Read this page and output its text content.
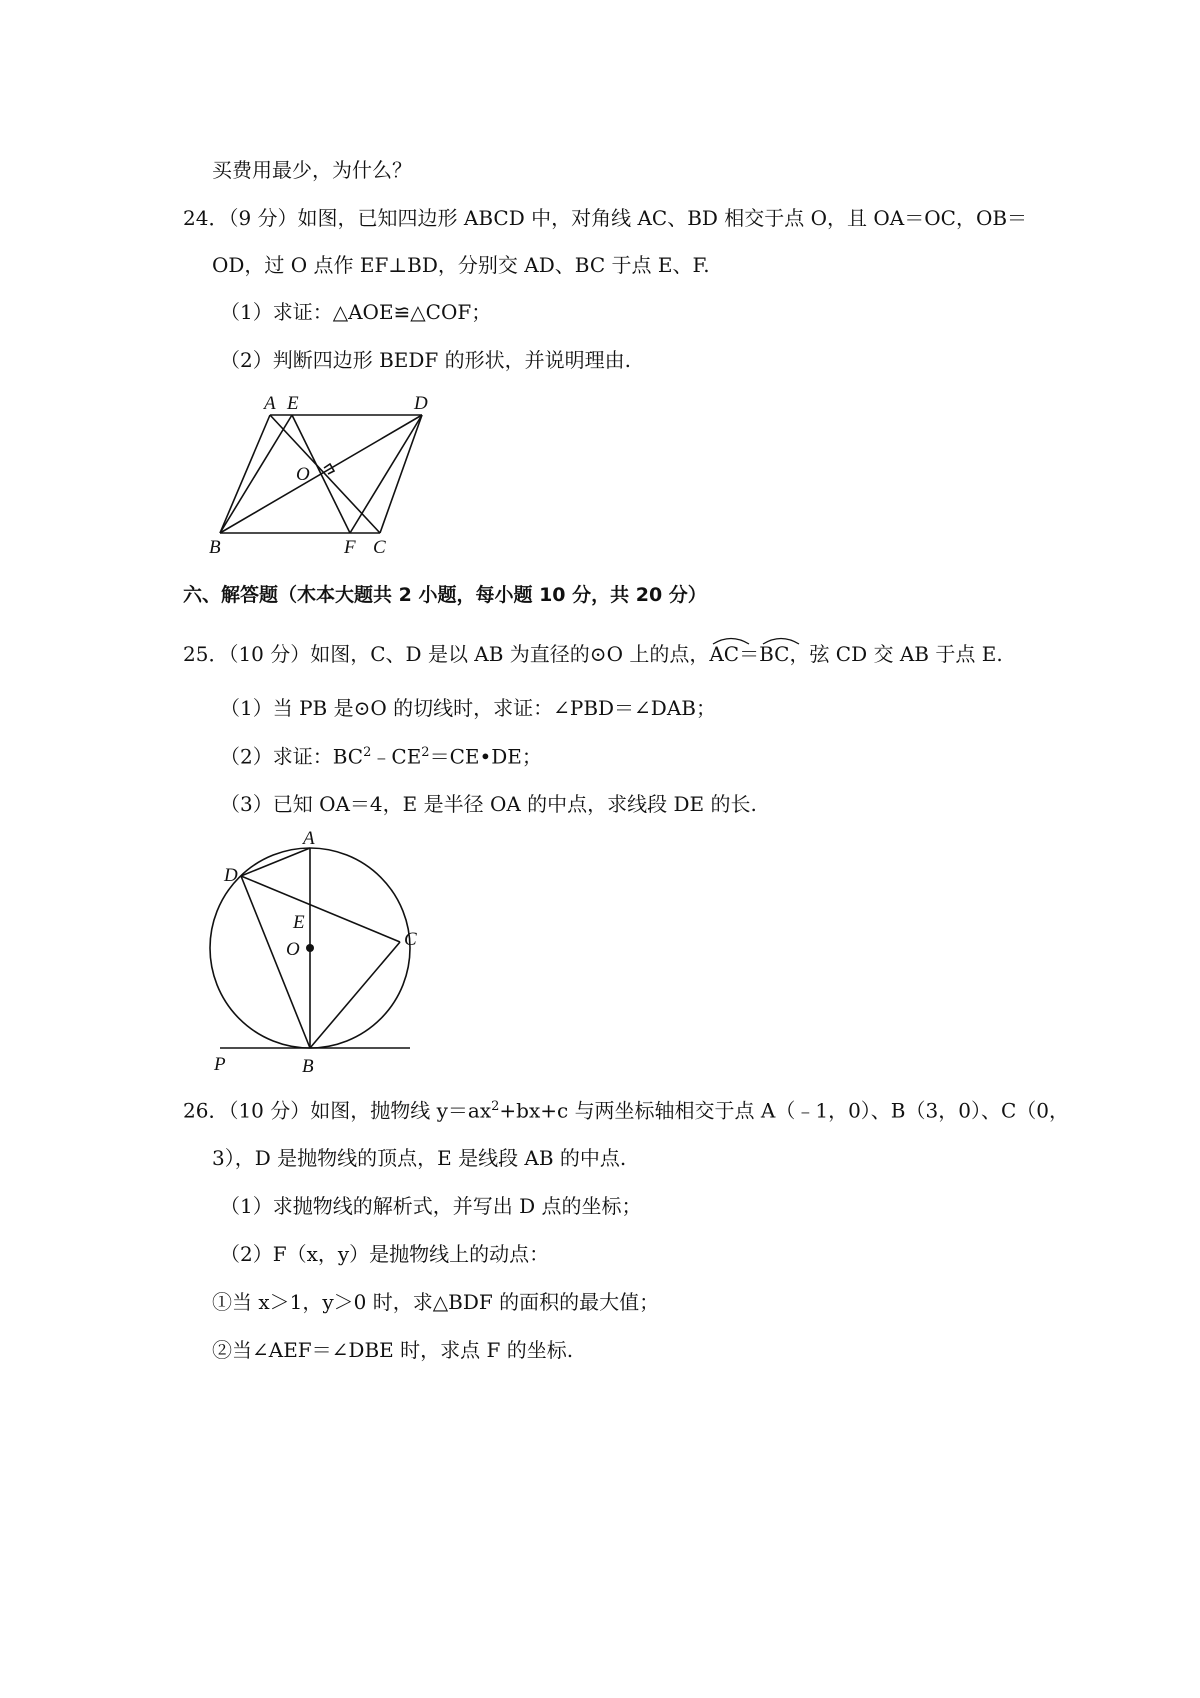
买费用最少，为什么？
24．（9 分）如图，已知四边形 ABCD 中，对角线 AC、BD 相交于点 O，且 OA＝OC，OB＝
OD，过 O 点作 EF⊥BD，分别交 AD、BC 于点 E、F.
（1）求证：△AOE≌△COF；
（2）判断四边形 BEDF 的形状，并说明理由.
A E	D
O
B	F C
六、解答题（木本大题共 2 小题，每小题 10 分，共 20 分）
25．（10 分）如图，C、D 是以 AB 为直径的⊙O 上的点，
AC＝
BC，弦 CD 交 AB 于点 E.
（1）当 PB 是⊙O 的切线时，求证：∠PBD＝∠DAB；
（2）求证：$BC^2﹣CE^2=CE•DE$；
（3）已知 OA＝4，E 是半径 OA 的中点，求线段 DE 的长.
A
D
E
O	C
P	B
26．（10 分）如图，抛物线 $y=ax^2+bx+c$ 与两坐标轴相交于点 A（﹣1，0）、B（3，0）、C（0，
3），D 是抛物线的顶点，E 是线段 AB 的中点.
（1）求抛物线的解析式，并写出 D 点的坐标；
（2）F（x，y）是抛物线上的动点：
①当 x＞1，y＞0 时，求△BDF 的面积的最大值；
②当∠AEF＝∠DBE 时，求点 F 的坐标.
